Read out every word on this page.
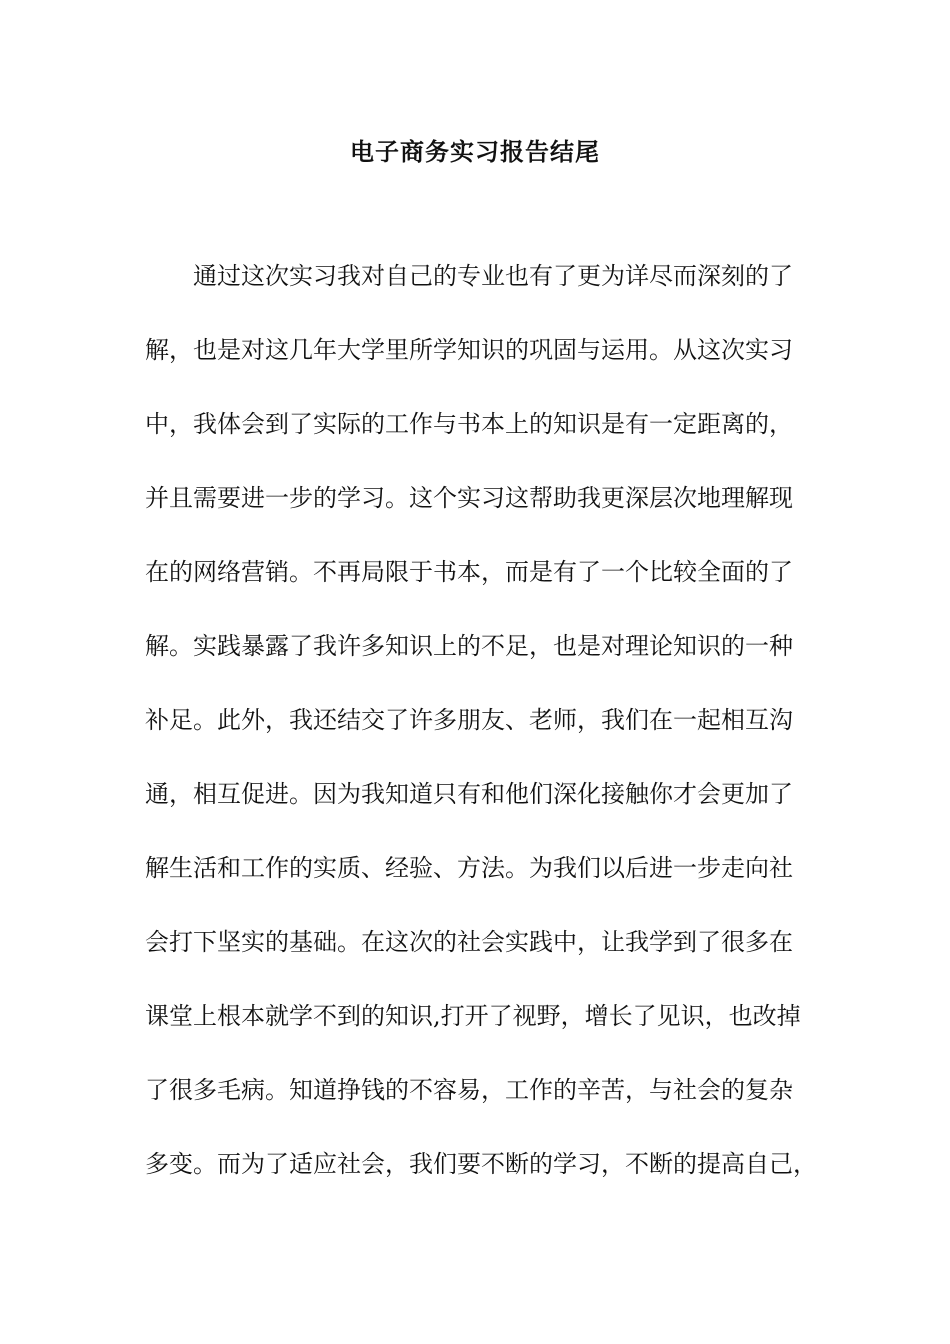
电子商务实习报告结尾
通过这次实习我对自己的专业也有了更为详尽而深刻的了
解，也是对这几年大学里所学知识的巩固与运用。从这次实习
中，我体会到了实际的工作与书本上的知识是有一定距离的，
并且需要进一步的学习。这个实习这帮助我更深层次地理解现
在的网络营销。不再局限于书本，而是有了一个比较全面的了
解。实践暴露了我许多知识上的不足，也是对理论知识的一种
补足。此外，我还结交了许多朋友、老师，我们在一起相互沟
通，相互促进。因为我知道只有和他们深化接触你才会更加了
解生活和工作的实质、经验、方法。为我们以后进一步走向社
会打下坚实的基础。在这次的社会实践中，让我学到了很多在
课堂上根本就学不到的知识,打开了视野，增长了见识，也改掉
了很多毛病。知道挣钱的不容易，工作的辛苦，与社会的复杂
多变。而为了适应社会，我们要不断的学习，不断的提高自己，
